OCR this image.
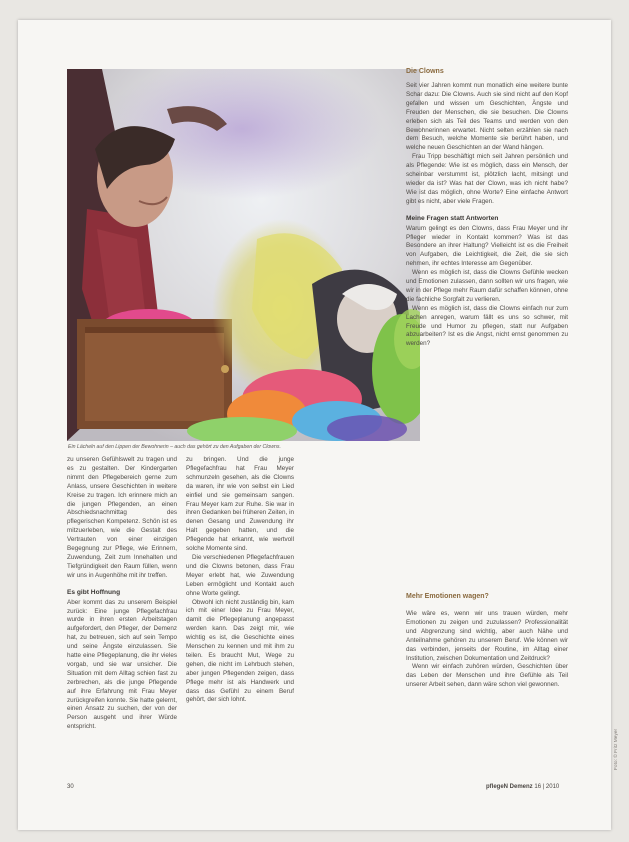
Ein Lächeln auf den Lippen der Bewohnerin – auch das gehört zu den Aufgaben der Clowns.

zu unseren Gefühlswelt zu tragen und es zu gestalten. Der Kindergarten nimmt den Pflegebereich gerne zum Anlass, unsere Geschichten in weitere Kreise zu tragen. Ich erinnere mich an die jungen Pflegenden, an einen Abschiedsnachmittag des pflegerischen Kompetenz. Schön ist es mitzuerleben, wie die Gestalt des Vertrauten von einer einzigen Begegnung zur Pflege, wie Erinnern, Zuwendung, Zeit zum Innehalten und Tiefgründigkeit den Raum füllen, wenn wir uns in Augenhöhe mit ihr treffen.

Es gibt Hoffnung

Aber kommt das zu unserem Beispiel zurück: Eine junge Pflegefachfrau wurde in ihren ersten Arbeitstagen aufgefordert, den Pfleger, der Demenz hat, zu betreuen, sich auf sein Tempo und seine Ängste einzulassen. Sie hatte eine Pflegeplanung, die ihr vieles vorgab, und sie war unsicher. Die Situation mit dem Alltag schien fast zu zerbrechen, als die junge Pflegende auf ihre Erfahrung mit Frau Meyer zurückgreifen konnte. Sie hatte gelernt, einen Ansatz zu suchen, der von der Person ausgeht und ihrer Würde entspricht.

zu bringen. Und die junge Pflegefachfrau hat Frau Meyer schmunzeln gesehen, als die Clowns da waren, ihr wie von selbst ein Lied einfiel und sie gemeinsam sangen. Frau Meyer kam zur Ruhe. Sie war in ihren Gedanken bei früheren Zeiten, in denen Gesang und Zuwendung ihr Halt gegeben hatten, und die Pflegende hat erkannt, wie wertvoll solche Momente sind.

Die verschiedenen Pflegefachfrauen und die Clowns betonen, dass Frau Meyer erlebt hat, wie Zuwendung Leben ermöglicht und Kontakt auch ohne Worte gelingt.

Obwohl ich nicht zuständig bin, kam ich mit einer Idee zu Frau Meyer, damit die Pflegeplanung angepasst werden kann. Das zeigt mir, wie wichtig es ist, die Geschichte eines Menschen zu kennen und mit ihm zu teilen. Es braucht Mut, Wege zu gehen, die nicht im Lehrbuch stehen, aber jungen Pflegenden zeigen, dass Pflege mehr ist als Handwerk und dass das Gefühl zu einem Beruf gehört, der sich lohnt.

Die Clowns

Seit vier Jahren kommt nun monatlich eine weitere bunte Schar dazu: Die Clowns. Auch sie sind nicht auf den Kopf gefallen und wissen um Geschichten, Ängste und Freuden der Menschen, die sie besuchen. Die Clowns erleben sich als Teil des Teams und werden von den Bewohnerinnen erwartet. Nicht selten erzählen sie nach dem Besuch, welche Momente sie berührt haben, und welche neuen Geschichten an der Wand hängen.

Frau Tripp beschäftigt mich seit Jahren persönlich und als Pflegende: Wie ist es möglich, dass ein Mensch, der scheinbar verstummt ist, plötzlich lacht, mitsingt und wieder da ist? Was hat der Clown, was ich nicht habe? Wie ist das möglich, ohne Worte? Eine einfache Antwort gibt es nicht, aber viele Fragen.

Meine Fragen statt Antworten

Warum gelingt es den Clowns, dass Frau Meyer und ihr Pfleger wieder in Kontakt kommen? Was ist das Besondere an ihrer Haltung? Vielleicht ist es die Freiheit von Aufgaben, die Leichtigkeit, die Zeit, die sie sich nehmen, ihr echtes Interesse am Gegenüber.

Wenn es möglich ist, dass die Clowns Gefühle wecken und Emotionen zulassen, dann sollten wir uns fragen, wie wir in der Pflege mehr Raum dafür schaffen können, ohne die fachliche Sorgfalt zu verlieren.

Wenn es möglich ist, dass die Clowns einfach nur zum Lachen anregen, warum fällt es uns so schwer, mit Freude und Humor zu pflegen, statt nur Aufgaben abzuarbeiten? Ist es die Angst, nicht ernst genommen zu werden?

Mehr Emotionen wagen?

Wie wäre es, wenn wir uns trauen würden, mehr Emotionen zu zeigen und zuzulassen? Professionalität und Abgrenzung sind wichtig, aber auch Nähe und Anteilnahme gehören zu unserem Beruf. Wie können wir das verbinden, jenseits der Routine, im Alltag einer Institution, zwischen Dokumentation und Zeitdruck?

Wenn wir einfach zuhören würden, Geschichten über das Leben der Menschen und ihre Gefühle als Teil unserer Arbeit sehen, dann wäre schon viel gewonnen.

Foto: © Fritz Meyer
30	pflegeN Demenz 16 | 2010
